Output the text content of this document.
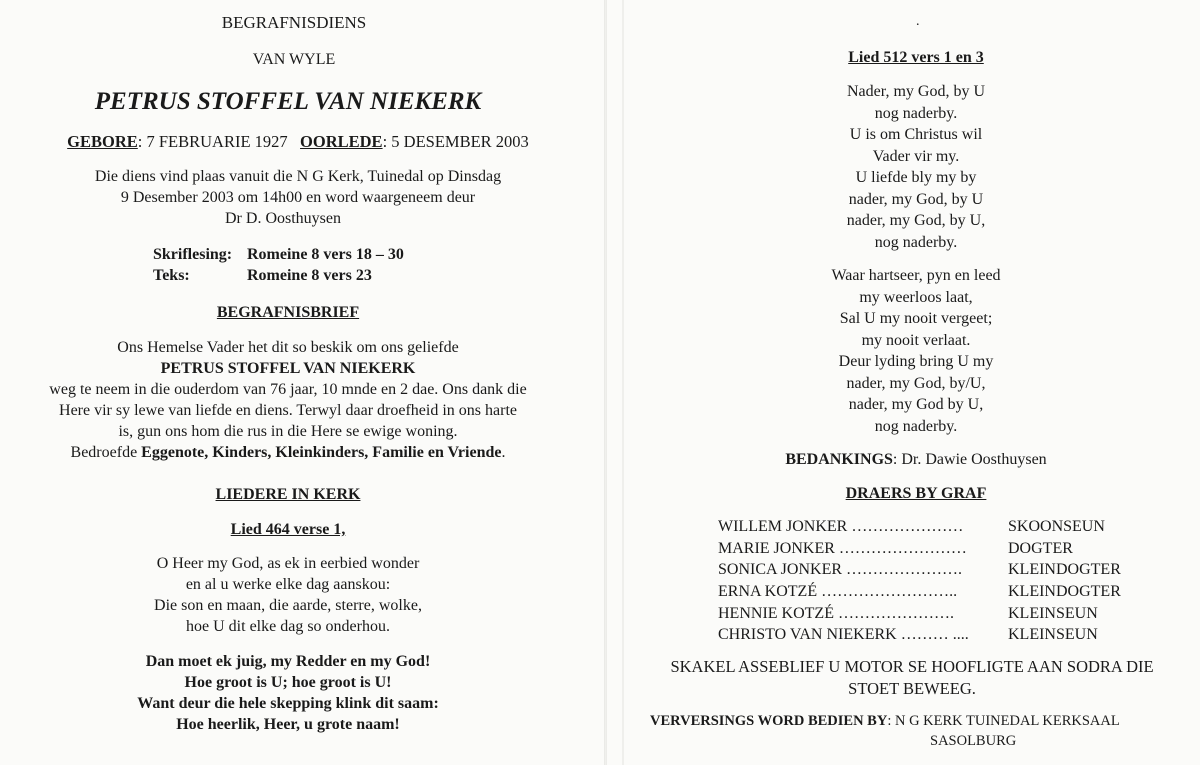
BEGRAFNISDIENS
VAN WYLE
PETRUS STOFFEL VAN NIEKERK
GEBORE: 7 FEBRUARIE 1927 OORLEDE: 5 DESEMBER 2003
Die diens vind plaas vanuit die N G Kerk, Tuinedal op Dinsdag
9 Desember 2003 om 14h00 en word waargeneem deur
Dr D. Oosthuysen
Skriflesing: Romeine 8 vers 18 – 30
Teks:	Romeine 8 vers 23
BEGRAFNISBRIEF
Ons Hemelse Vader het dit so beskik om ons geliefde
PETRUS STOFFEL VAN NIEKERK
weg te neem in die ouderdom van 76 jaar, 10 mnde en 2 dae. Ons dank die
Here vir sy lewe van liefde en diens. Terwyl daar droefheid in ons harte
is, gun ons hom die rus in die Here se ewige woning.
Bedroefde Eggenote, Kinders, Kleinkinders, Familie en Vriende.
LIEDERE IN KERK
Lied 464 verse 1,
O Heer my God, as ek in eerbied wonder
en al u werke elke dag aanskou:
Die son en maan, die aarde, sterre, wolke,
hoe U dit elke dag so onderhou.
Dan moet ek juig, my Redder en my God!
Hoe groot is U; hoe groot is U!
Want deur die hele skepping klink dit saam:
Hoe heerlik, Heer, u grote naam!
.
Lied 512 vers 1 en 3
Nader, my God, by U
nog naderby.
U is om Christus wil
Vader vir my.
U liefde bly my by
nader, my God, by U
nader, my God, by U,
nog naderby.
Waar hartseer, pyn en leed
my weerloos laat,
Sal U my nooit vergeet;
my nooit verlaat.
Deur lyding bring U my
nader, my God, by/U,
nader, my God by U,
nog naderby.
BEDANKINGS: Dr. Dawie Oosthuysen
DRAERS BY GRAF
WILLEM JONKER …………………	SKOONSEUN
MARIE JONKER ……………………	DOGTER
SONICA JONKER ………………….	KLEINDOGTER
ERNA KOTZÉ ……………………..	KLEINDOGTER
HENNIE KOTZÉ ………………….	KLEINSEUN
CHRISTO VAN NIEKERK ……… .... KLEINSEUN
SKAKEL ASSEBLIEF U MOTOR SE HOOFLIGTE AAN SODRA DIE
STOET BEWEEG.
VERVERSINGS WORD BEDIEN BY: N G KERK TUINEDAL KERKSAAL
SASOLBURG
